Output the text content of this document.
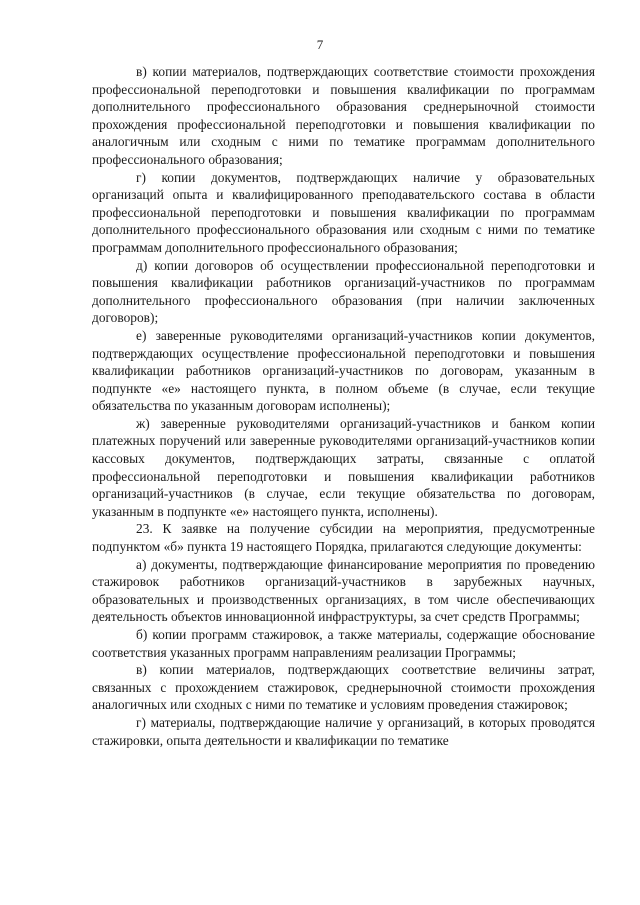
7

в) копии материалов, подтверждающих соответствие стоимости прохождения профессиональной переподготовки и повышения квалификации по программам дополнительного профессионального образования среднерыночной стоимости прохождения профессиональной переподготовки и повышения квалификации по аналогичным или сходным с ними по тематике программам дополнительного профессионального образования;

г) копии документов, подтверждающих наличие у образовательных организаций опыта и квалифицированного преподавательского состава в области профессиональной переподготовки и повышения квалификации по программам дополнительного профессионального образования или сходным с ними по тематике программам дополнительного профессионального образования;

д) копии договоров об осуществлении профессиональной переподготовки и повышения квалификации работников организаций-участников по программам дополнительного профессионального образования (при наличии заключенных договоров);

е) заверенные руководителями организаций-участников копии документов, подтверждающих осуществление профессиональной переподготовки и повышения квалификации работников организаций-участников по договорам, указанным в подпункте «е» настоящего пункта, в полном объеме (в случае, если текущие обязательства по указанным договорам исполнены);

ж) заверенные руководителями организаций-участников и банком копии платежных поручений или заверенные руководителями организаций-участников копии кассовых документов, подтверждающих затраты, связанные с оплатой профессиональной переподготовки и повышения квалификации работников организаций-участников (в случае, если текущие обязательства по договорам, указанным в подпункте «е» настоящего пункта, исполнены).

23. К заявке на получение субсидии на мероприятия, предусмотренные подпунктом «б» пункта 19 настоящего Порядка, прилагаются следующие документы:

а) документы, подтверждающие финансирование мероприятия по проведению стажировок работников организаций-участников в зарубежных научных, образовательных и производственных организациях, в том числе обеспечивающих деятельность объектов инновационной инфраструктуры, за счет средств Программы;

б) копии программ стажировок, а также материалы, содержащие обоснование соответствия указанных программ направлениям реализации Программы;

в) копии материалов, подтверждающих соответствие величины затрат, связанных с прохождением стажировок, среднерыночной стоимости прохождения аналогичных или сходных с ними по тематике и условиям проведения стажировок;

г) материалы, подтверждающие наличие у организаций, в которых проводятся стажировки, опыта деятельности и квалификации по тематике
